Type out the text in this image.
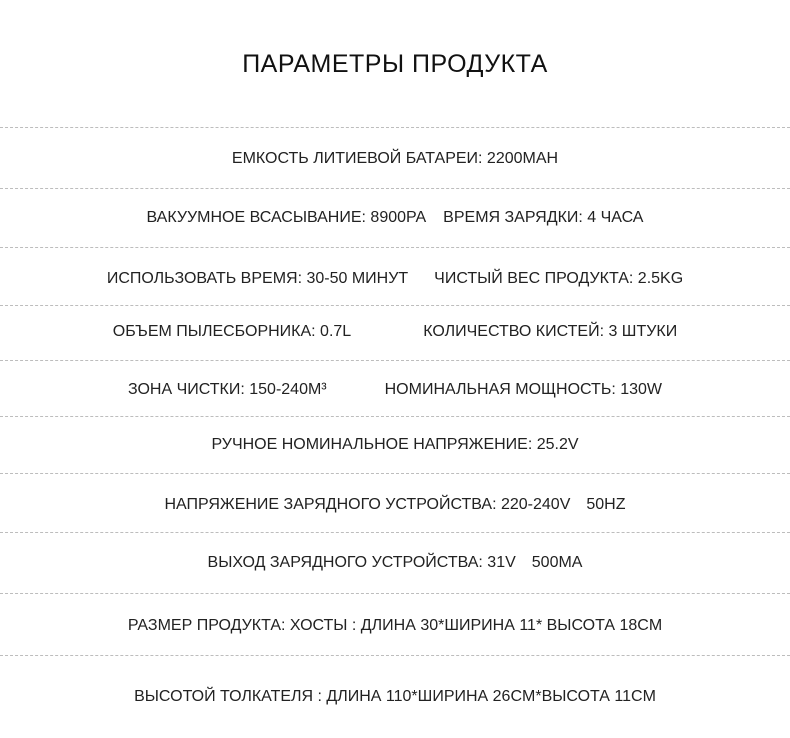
ПАРАМЕТРЫ ПРОДУКТА
ЕМКОСТЬ ЛИТИЕВОЙ БАТАРЕИ: 2200МАН
ВАКУУМНОЕ ВСАСЫВАНИЕ: 8900PA ВРЕМЯ ЗАРЯДКИ: 4 ЧАСА
ИСПОЛЬЗОВАТЬ ВРЕМЯ: 30-50 МИНУТ ЧИСТЫЙ ВЕС ПРОДУКТА: 2.5KG
ОБЪЕМ ПЫЛЕСБОРНИКА: 0.7L	КОЛИЧЕСТВО КИСТЕЙ: 3 ШТУКИ
ЗОНА ЧИСТКИ: 150-240M³	НОМИНАЛЬНАЯ МОЩНОСТЬ: 130W
РУЧНОЕ НОМИНАЛЬНОЕ НАПРЯЖЕНИЕ: 25.2V
НАПРЯЖЕНИЕ ЗАРЯДНОГО УСТРОЙСТВА: 220-240V 50HZ
ВЫХОД ЗАРЯДНОГО УСТРОЙСТВА: 31V 500MA
РАЗМЕР ПРОДУКТА: ХОСТЫ : ДЛИНА 30*ШИРИНА 11* ВЫСОТА 18CM
ВЫСОТОЙ ТОЛКАТЕЛЯ : ДЛИНА 110*ШИРИНА 26CM*ВЫСОТА 11CM
